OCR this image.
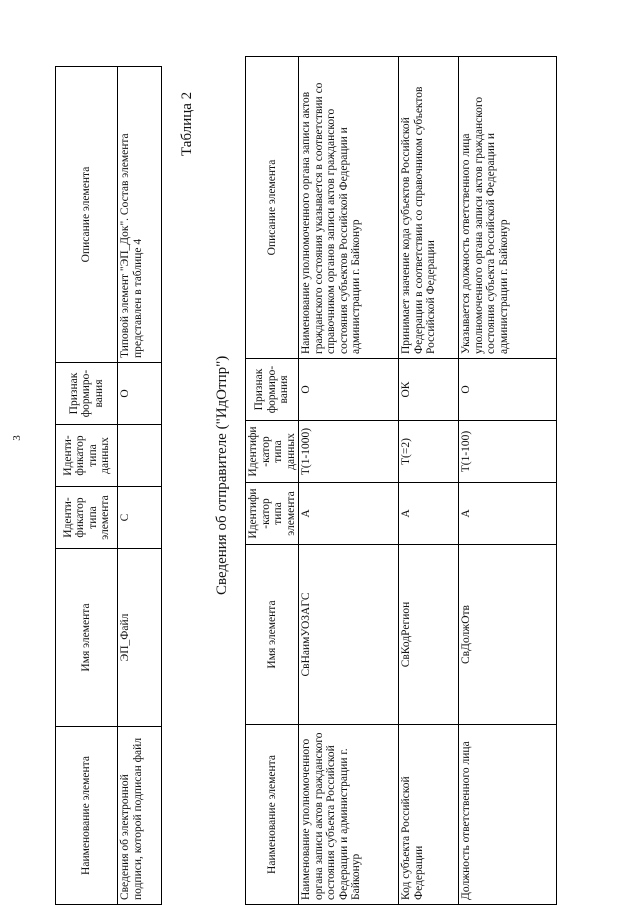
3
Наименование элемента	Имя элемента	Иденти-фикатор типа элемента	Иденти-фикатор типа данных	Признак формиро-вания	Описание элемента
Сведения об электронной подписи, которой подписан файл	ЭП_Файл	С		О	Типовой элемент "ЭП_Док". Состав элемента представлен в таблице 4
Сведения об отправителе ("ИдОтпр")
Таблица 2
Наименование элемента	Имя элемента	Идентифи-катор типа элемента	Идентифи-катор типа данных	Признак формиро-вания	Описание элемента
Наименование уполномоченного органа записи актов гражданского состояния субъекта Российской Федерации и администрации г. Байконур	СвНаимУОЗАГС	А	T(1-1000)	О	Наименование уполномоченного органа записи актов гражданского состояния указывается в соответствии со справочником органов записи актов гражданского состояния субъектов Российской Федерации и администрации г. Байконур
Код субъекта Российской Федерации	СвКодРегион	А	T(=2)	ОК	Принимает значение кода субъектов Российской Федерации в соответствии со справочником субъектов Российской Федерации
Должность ответственного лица	СвДолжОтв	А	T(1-100)	О	Указывается должность ответственного лица уполномоченного органа записи актов гражданского состояния субъекта Российской Федерации и администрации г. Байконур
